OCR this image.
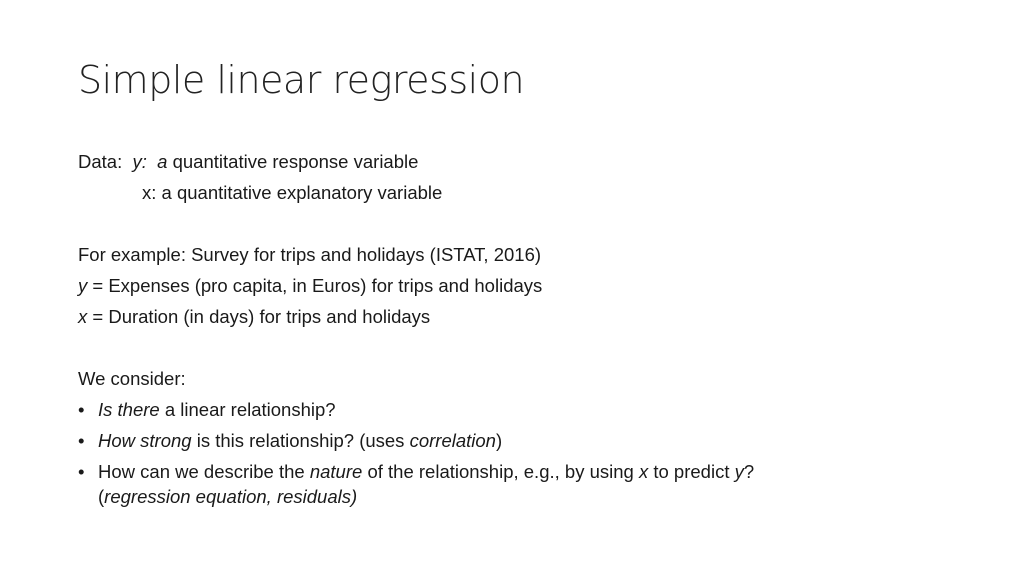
Simple linear regression
Data: y: a quantitative response variable
x: a quantitative explanatory variable
For example: Survey for trips and holidays (ISTAT, 2016)
y = Expenses (pro capita, in Euros) for trips and holidays
x = Duration (in days) for trips and holidays
We consider:
• Is there a linear relationship?
• How strong is this relationship? (uses correlation)
• How can we describe the nature of the relationship, e.g., by using x to predict y?
(regression equation, residuals)
